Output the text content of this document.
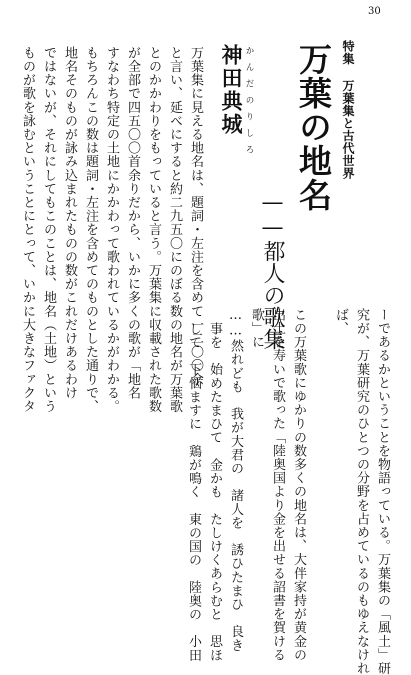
30
特集 万葉集と古代世界
万葉の地名
——都人の歌集
かんだのりしろ
神田典城
万葉集に見える地名は、題詞・左注を含めて一二〇〇余
と言い、延べにすると約二九五〇にのぼる数の地名が万葉歌
とのかかわりをもっていると言う。万葉集に収載された歌数
が全部で四五〇〇首余りだから、いかに多くの歌が「地名
すなわち特定の土地にかかわって歌われているかがわかる。
もちろんこの数は題詞・左注を含めてのものとした通りで、
地名そのものが詠み込まれたものの数がこれだけあるわけ
ではないが、それにしてもこのことは、地名（土地）という
ものが歌を詠むということにとって、いかに大きなファクタ
ーであるかということを物語っている。万葉集の「風土」研
究が、万葉研究のひとつの分野を占めているのもゆえなけれ
ば、
この万葉歌にゆかりの数多くの地名は、大伴家持が黄金の
出土を寿いで歌った「陸奥国より金を出せる詔書を賀ける
歌」に
……然れども　我が大君の　諸人を　誘ひたまひ　良き
事を　始めたまひて　金かも　たしけくあらむと　思ほ
して　下悩ますに　鶏が鳴く　東の国の　陸奥の　小田
